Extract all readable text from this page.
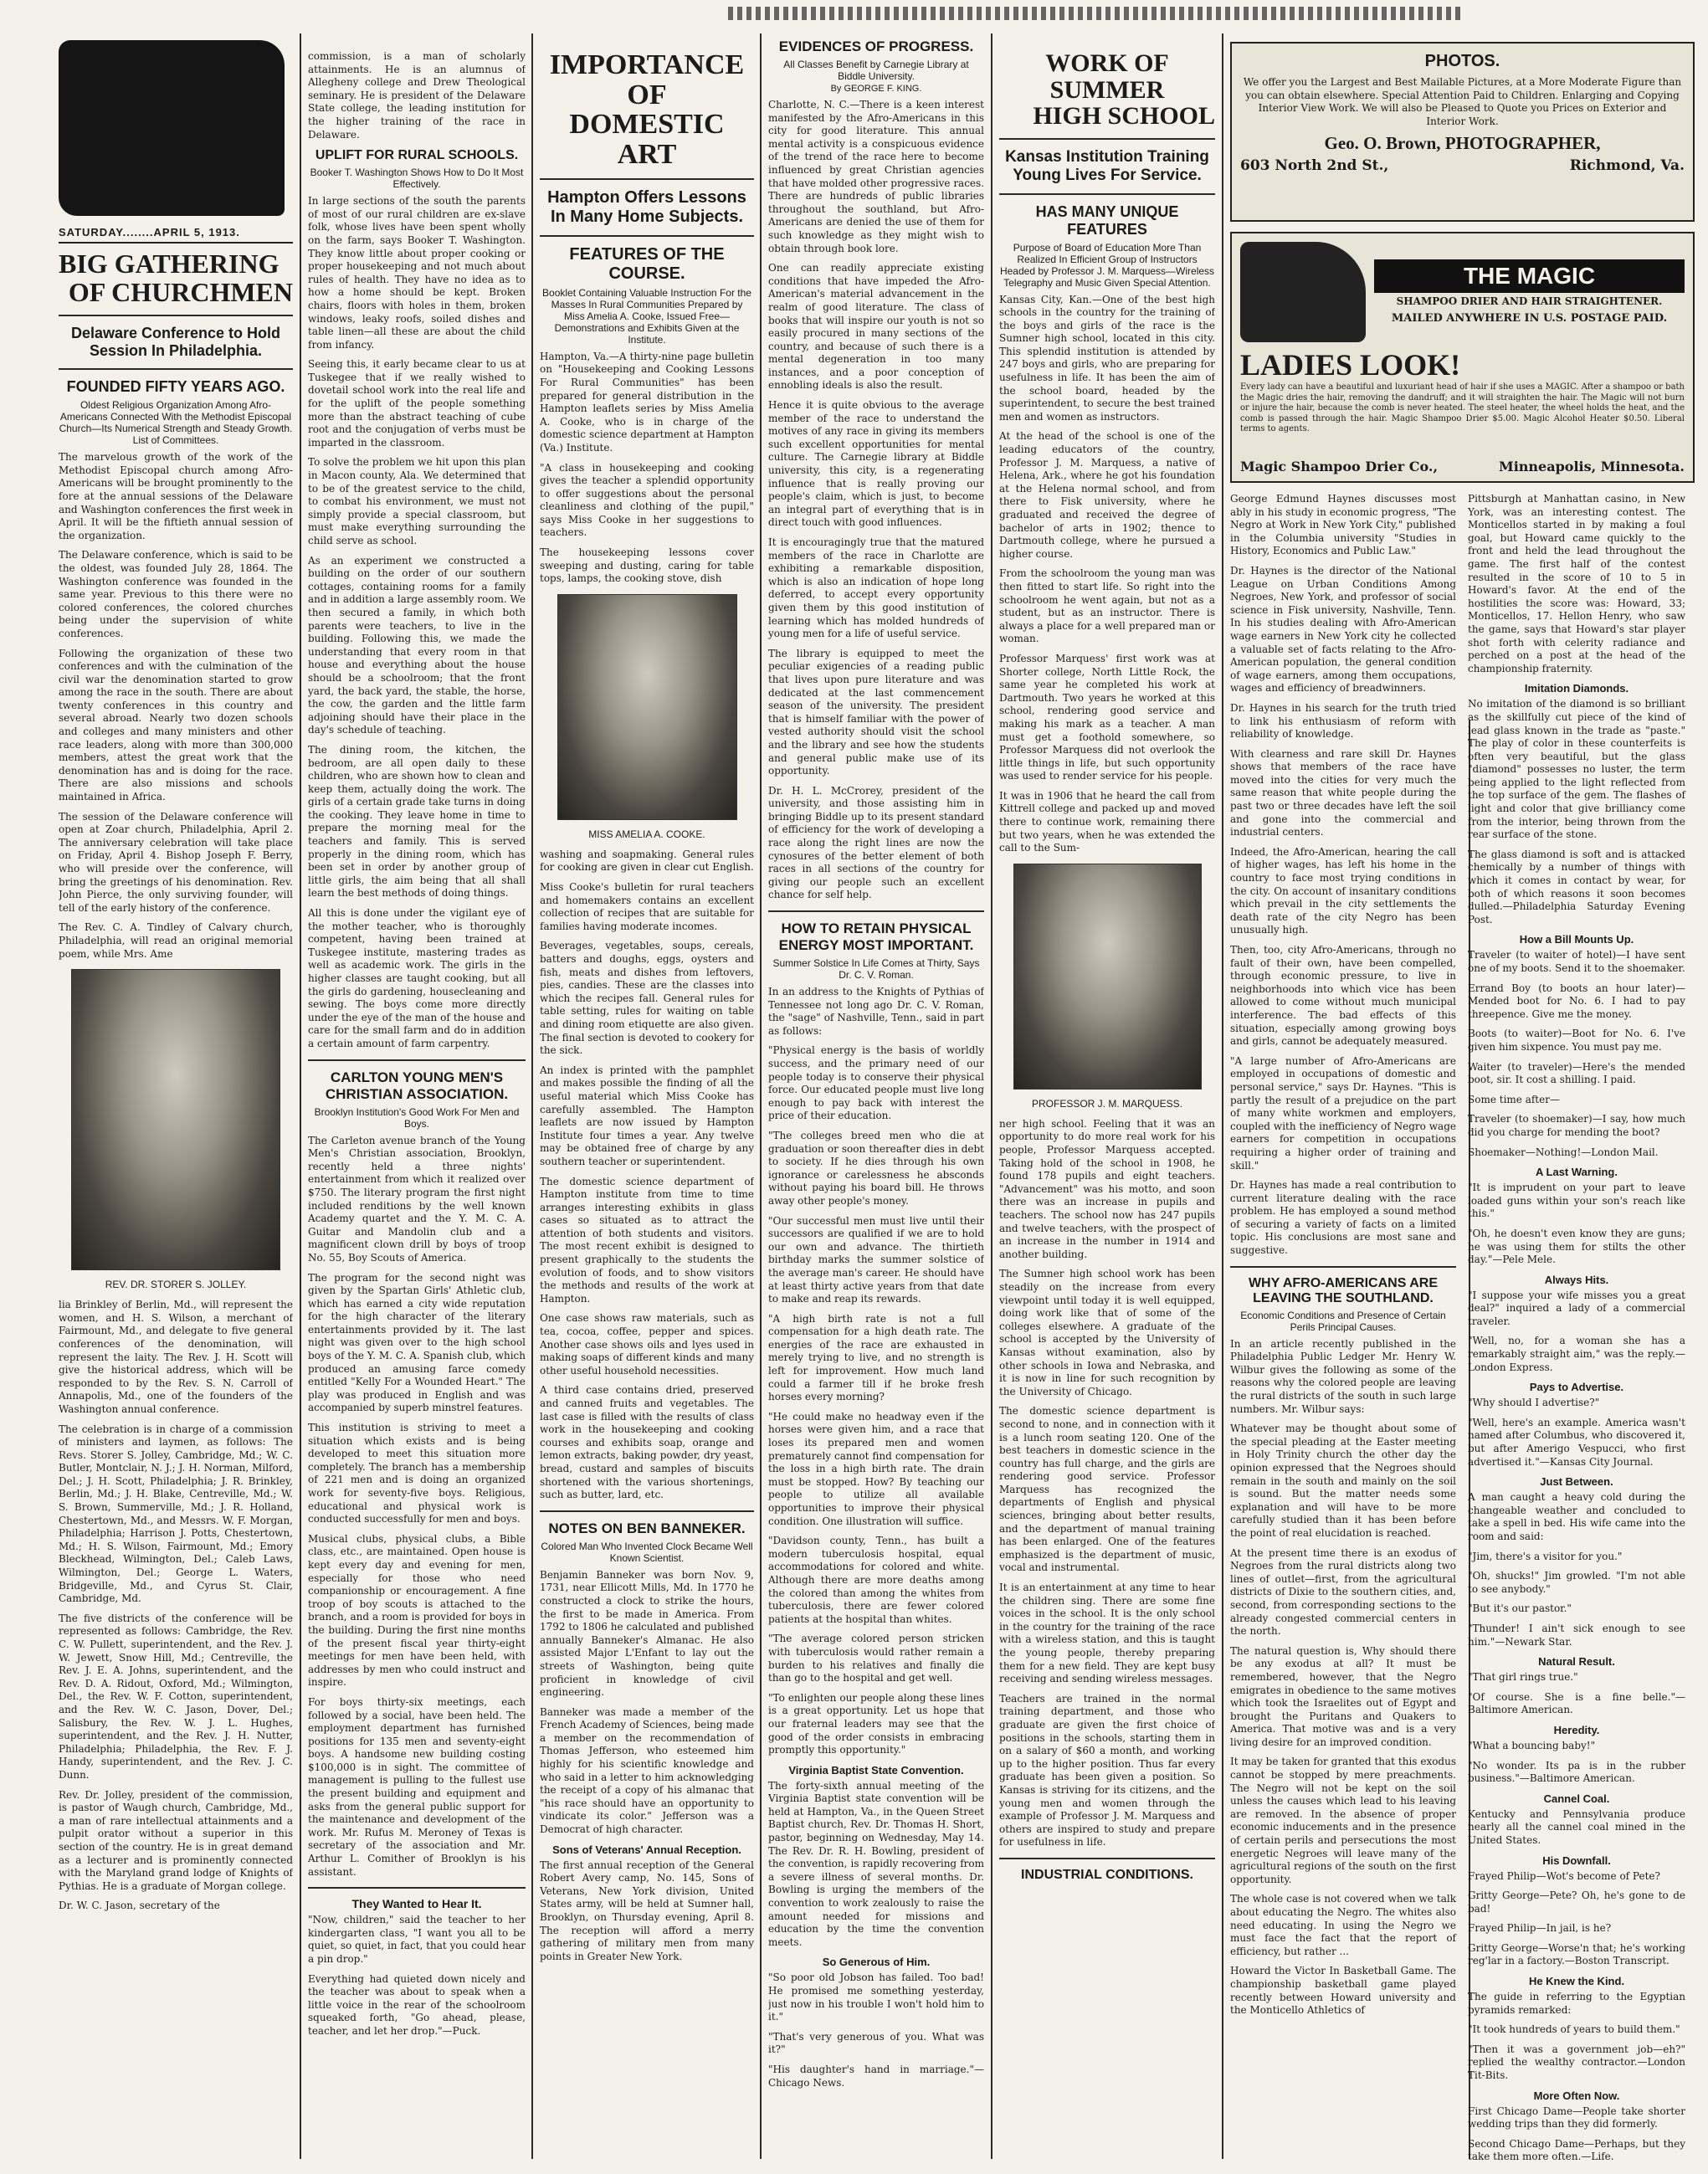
SATURDAY........APRIL 5, 1913.
BIG GATHERING
OF CHURCHMEN
Delaware Conference to Hold Session In Philadelphia.
FOUNDED FIFTY YEARS AGO.
Oldest Religious Organization Among Afro-Americans Connected With the Methodist Episcopal Church—Its Numerical Strength and Steady Growth. List of Committees.

The marvelous growth of the work of the Methodist Episcopal church among Afro-Americans will be brought prominently to the fore at the annual sessions of the Delaware and Washington conferences the first week in April. It will be the fiftieth annual session of the organization.

The Delaware conference, which is said to be the oldest, was founded July 28, 1864. The Washington conference was founded in the same year. Previous to this there were no colored conferences, the colored churches being under the supervision of white conferences.

Following the organization of these two conferences and with the culmination of the civil war the denomination started to grow among the race in the south. There are about twenty conferences in this country and several abroad. Nearly two dozen schools and colleges and many ministers and other race leaders, along with more than 300,000 members, attest the great work that the denomination has and is doing for the race. There are also missions and schools maintained in Africa.

The session of the Delaware conference will open at Zoar church, Philadelphia, April 2. The anniversary celebration will take place on Friday, April 4. Bishop Joseph F. Berry, who will preside over the conference, will bring the greetings of his denomination. Rev. John Pierce, the only surviving founder, will tell of the early history of the conference.

The Rev. C. A. Tindley of Calvary church, Philadelphia, will read an original memorial poem, while Mrs. Ame

REV. DR. STORER S. JOLLEY.

lia Brinkley of Berlin, Md., will represent the women, and H. S. Wilson, a merchant of Fairmount, Md., and delegate to five general conferences of the denomination, will represent the laity. The Rev. J. H. Scott will give the historical address, which will be responded to by the Rev. S. N. Carroll of Annapolis, Md., one of the founders of the Washington annual conference.

The celebration is in charge of a commission of ministers and laymen, as follows: The Revs. Storer S. Jolley, Cambridge, Md.; W. C. Butler, Montclair, N. J.; J. H. Norman, Milford, Del.; J. H. Scott, Philadelphia; J. R. Brinkley, Berlin, Md.; J. H. Blake, Centreville, Md.; W. S. Brown, Summerville, Md.; J. R. Holland, Chestertown, Md., and Messrs. W. F. Morgan, Philadelphia; Harrison J. Potts, Chestertown, Md.; H. S. Wilson, Fairmount, Md.; Emory Bleckhead, Wilmington, Del.; Caleb Laws, Wilmington, Del.; George L. Waters, Bridgeville, Md., and Cyrus St. Clair, Cambridge, Md.

The five districts of the conference will be represented as follows: Cambridge, the Rev. C. W. Pullett, superintendent, and the Rev. J. W. Jewett, Snow Hill, Md.; Centreville, the Rev. J. E. A. Johns, superintendent, and the Rev. D. A. Ridout, Oxford, Md.; Wilmington, Del., the Rev. W. F. Cotton, superintendent, and the Rev. W. C. Jason, Dover, Del.; Salisbury, the Rev. W. J. L. Hughes, superintendent, and the Rev. J. H. Nutter, Philadelphia; Philadelphia, the Rev. F. J. Handy, superintendent, and the Rev. J. C. Dunn.

Rev. Dr. Jolley, president of the commission, is pastor of Waugh church, Cambridge, Md., a man of rare intellectual attainments and a pulpit orator without a superior in this section of the country. He is in great demand as a lecturer and is prominently connected with the Maryland grand lodge of Knights of Pythias. He is a graduate of Morgan college.

Dr. W. C. Jason, secretary of the

commission, is a man of scholarly attainments. He is an alumnus of Allegheny college and Drew Theological seminary. He is president of the Delaware State college, the leading institution for the higher training of the race in Delaware.

UPLIFT FOR RURAL SCHOOLS.
Booker T. Washington Shows How to Do It Most Effectively.

In large sections of the south the parents of most of our rural children are ex-slave folk, whose lives have been spent wholly on the farm, says Booker T. Washington. They know little about proper cooking or proper housekeeping and not much about rules of health. They have no idea as to how a home should be kept. Broken chairs, floors with holes in them, broken windows, leaky roofs, soiled dishes and table linen—all these are about the child from infancy.

Seeing this, it early became clear to us at Tuskegee that if we really wished to dovetail school work into the real life and for the uplift of the people something more than the abstract teaching of cube root and the conjugation of verbs must be imparted in the classroom.

To solve the problem we hit upon this plan in Macon county, Ala. We determined that to be of the greatest service to the child, to combat his environment, we must not simply provide a special classroom, but must make everything surrounding the child serve as school.

As an experiment we constructed a building on the order of our southern cottages, containing rooms for a family and in addition a large assembly room. We then secured a family, in which both parents were teachers, to live in the building. Following this, we made the understanding that every room in that house and everything about the house should be a schoolroom; that the front yard, the back yard, the stable, the horse, the cow, the garden and the little farm adjoining should have their place in the day's schedule of teaching.

The dining room, the kitchen, the bedroom, are all open daily to these children, who are shown how to clean and keep them, actually doing the work. The girls of a certain grade take turns in doing the cooking. They leave home in time to prepare the morning meal for the teachers and family. This is served properly in the dining room, which has been set in order by another group of little girls, the aim being that all shall learn the best methods of doing things.

All this is done under the vigilant eye of the mother teacher, who is thoroughly competent, having been trained at Tuskegee institute, mastering trades as well as academic work. The girls in the higher classes are taught cooking, but all the girls do gardening, housecleaning and sewing. The boys come more directly under the eye of the man of the house and care for the small farm and do in addition a certain amount of farm carpentry.

CARLTON YOUNG MEN'S CHRISTIAN ASSOCIATION.
Brooklyn Institution's Good Work For Men and Boys.

The Carleton avenue branch of the Young Men's Christian association, Brooklyn, recently held a three nights' entertainment from which it realized over $750. The literary program the first night included renditions by the well known Academy quartet and the Y. M. C. A. Guitar and Mandolin club and a magnificent clown drill by boys of troop No. 55, Boy Scouts of America.

The program for the second night was given by the Spartan Girls' Athletic club, which has earned a city wide reputation for the high character of the literary entertainments provided by it. The last night was given over to the high school boys of the Y. M. C. A. Spanish club, which produced an amusing farce comedy entitled "Kelly For a Wounded Heart." The play was produced in English and was accompanied by superb minstrel features.

This institution is striving to meet a situation which exists and is being developed to meet this situation more completely. The branch has a membership of 221 men and is doing an organized work for seventy-five boys. Religious, educational and physical work is conducted successfully for men and boys.

Musical clubs, physical clubs, a Bible class, etc., are maintained. Open house is kept every day and evening for men, especially for those who need companionship or encouragement. A fine troop of boy scouts is attached to the branch, and a room is provided for boys in the building. During the first nine months of the present fiscal year thirty-eight meetings for men have been held, with addresses by men who could instruct and inspire.

For boys thirty-six meetings, each followed by a social, have been held. The employment department has furnished positions for 135 men and seventy-eight boys. A handsome new building costing $100,000 is in sight. The committee of management is pulling to the fullest use the present building and equipment and asks from the general public support for the maintenance and development of the work. Mr. Rufus M. Meroney of Texas is secretary of the association and Mr. Arthur L. Comither of Brooklyn is his assistant.

They Wanted to Hear It.

"Now, children," said the teacher to her kindergarten class, "I want you all to be quiet, so quiet, in fact, that you could hear a pin drop."

Everything had quieted down nicely and the teacher was about to speak when a little voice in the rear of the schoolroom squeaked forth, "Go ahead, please, teacher, and let her drop."—Puck.

IMPORTANCE OF
DOMESTIC ART
Hampton Offers Lessons In Many Home Subjects.
FEATURES OF THE COURSE.
Booklet Containing Valuable Instruction For the Masses In Rural Communities Prepared by Miss Amelia A. Cooke, Issued Free—Demonstrations and Exhibits Given at the Institute.

Hampton, Va.—A thirty-nine page bulletin on "Housekeeping and Cooking Lessons For Rural Communities" has been prepared for general distribution in the Hampton leaflets series by Miss Amelia A. Cooke, who is in charge of the domestic science department at Hampton (Va.) Institute.

"A class in housekeeping and cooking gives the teacher a splendid opportunity to offer suggestions about the personal cleanliness and clothing of the pupil," says Miss Cooke in her suggestions to teachers.

The housekeeping lessons cover sweeping and dusting, caring for table tops, lamps, the cooking stove, dish

MISS AMELIA A. COOKE.

washing and soapmaking. General rules for cooking are given in clear cut English.

Miss Cooke's bulletin for rural teachers and homemakers contains an excellent collection of recipes that are suitable for families having moderate incomes.

Beverages, vegetables, soups, cereals, batters and doughs, eggs, oysters and fish, meats and dishes from leftovers, pies, candies. These are the classes into which the recipes fall. General rules for table setting, rules for waiting on table and dining room etiquette are also given. The final section is devoted to cookery for the sick.

An index is printed with the pamphlet and makes possible the finding of all the useful material which Miss Cooke has carefully assembled. The Hampton leaflets are now issued by Hampton Institute four times a year. Any twelve may be obtained free of charge by any southern teacher or superintendent.

The domestic science department of Hampton institute from time to time arranges interesting exhibits in glass cases so situated as to attract the attention of both students and visitors. The most recent exhibit is designed to present graphically to the students the evolution of foods, and to show visitors the methods and results of the work at Hampton.

One case shows raw materials, such as tea, cocoa, coffee, pepper and spices. Another case shows oils and lyes used in making soaps of different kinds and many other useful household necessities.

A third case contains dried, preserved and canned fruits and vegetables. The last case is filled with the results of class work in the housekeeping and cooking courses and exhibits soap, orange and lemon extracts, baking powder, dry yeast, bread, custard and samples of biscuits shortened with the various shortenings, such as butter, lard, etc.

NOTES ON BEN BANNEKER.
Colored Man Who Invented Clock Became Well Known Scientist.

Benjamin Banneker was born Nov. 9, 1731, near Ellicott Mills, Md. In 1770 he constructed a clock to strike the hours, the first to be made in America. From 1792 to 1806 he calculated and published annually Banneker's Almanac. He also assisted Major L'Enfant to lay out the streets of Washington, being quite proficient in knowledge of civil engineering.

Banneker was made a member of the French Academy of Sciences, being made a member on the recommendation of Thomas Jefferson, who esteemed him highly for his scientific knowledge and who said in a letter to him acknowledging the receipt of a copy of his almanac that "his race should have an opportunity to vindicate its color." Jefferson was a Democrat of high character.

Sons of Veterans' Annual Reception.

The first annual reception of the General Robert Avery camp, No. 145, Sons of Veterans, New York division, United States army, will be held at Sumner hall, Brooklyn, on Thursday evening, April 8. The reception will afford a merry gathering of military men from many points in Greater New York.

EVIDENCES OF PROGRESS.
All Classes Benefit by Carnegie Library at Biddle University.
By GEORGE F. KING.

Charlotte, N. C.—There is a keen interest manifested by the Afro-Americans in this city for good literature. This annual mental activity is a conspicuous evidence of the trend of the race here to become influenced by great Christian agencies that have molded other progressive races. There are hundreds of public libraries throughout the southland, but Afro-Americans are denied the use of them for such knowledge as they might wish to obtain through book lore.

One can readily appreciate existing conditions that have impeded the Afro-American's material advancement in the realm of good literature. The class of books that will inspire our youth is not so easily procured in many sections of the country, and because of such there is a mental degeneration in too many instances, and a poor conception of ennobling ideals is also the result.

Hence it is quite obvious to the average member of the race to understand the motives of any race in giving its members such excellent opportunities for mental culture. The Carnegie library at Biddle university, this city, is a regenerating influence that is really proving our people's claim, which is just, to become an integral part of everything that is in direct touch with good influences.

It is encouragingly true that the matured members of the race in Charlotte are exhibiting a remarkable disposition, which is also an indication of hope long deferred, to accept every opportunity given them by this good institution of learning which has molded hundreds of young men for a life of useful service.

The library is equipped to meet the peculiar exigencies of a reading public that lives upon pure literature and was dedicated at the last commencement season of the university. The president that is himself familiar with the power of vested authority should visit the school and the library and see how the students and general public make use of its opportunity.

Dr. H. L. McCrorey, president of the university, and those assisting him in bringing Biddle up to its present standard of efficiency for the work of developing a race along the right lines are now the cynosures of the better element of both races in all sections of the country for giving our people such an excellent chance for self help.

HOW TO RETAIN PHYSICAL ENERGY MOST IMPORTANT.
Summer Solstice In Life Comes at Thirty, Says Dr. C. V. Roman.

In an address to the Knights of Pythias of Tennessee not long ago Dr. C. V. Roman, the "sage" of Nashville, Tenn., said in part as follows:

"Physical energy is the basis of worldly success, and the primary need of our people today is to conserve their physical force. Our educated people must live long enough to pay back with interest the price of their education.

"The colleges breed men who die at graduation or soon thereafter dies in debt to society. If he dies through his own ignorance or carelessness he absconds without paying his board bill. He throws away other people's money.

"Our successful men must live until their successors are qualified if we are to hold our own and advance. The thirtieth birthday marks the summer solstice of the average man's career. He should have at least thirty active years from that date to make and reap its rewards.

"A high birth rate is not a full compensation for a high death rate. The energies of the race are exhausted in merely trying to live, and no strength is left for improvement. How much land could a farmer till if he broke fresh horses every morning?

"He could make no headway even if the horses were given him, and a race that loses its prepared men and women prematurely cannot find compensation for the loss in a high birth rate. The drain must be stopped. How? By teaching our people to utilize all available opportunities to improve their physical condition. One illustration will suffice.

"Davidson county, Tenn., has built a modern tuberculosis hospital, equal accommodations for colored and white. Although there are more deaths among the colored than among the whites from tuberculosis, there are fewer colored patients at the hospital than whites.

"The average colored person stricken with tuberculosis would rather remain a burden to his relatives and finally die than go to the hospital and get well.

"To enlighten our people along these lines is a great opportunity. Let us hope that our fraternal leaders may see that the good of the order consists in embracing promptly this opportunity."

Virginia Baptist State Convention.

The forty-sixth annual meeting of the Virginia Baptist state convention will be held at Hampton, Va., in the Queen Street Baptist church, Rev. Dr. Thomas H. Short, pastor, beginning on Wednesday, May 14. The Rev. Dr. R. H. Bowling, president of the convention, is rapidly recovering from a severe illness of several months. Dr. Bowling is urging the members of the convention to work zealously to raise the amount needed for missions and education by the time the convention meets.

So Generous of Him.

"So poor old Jobson has failed. Too bad! He promised me something yesterday, just now in his trouble I won't hold him to it."

"That's very generous of you. What was it?"

"His daughter's hand in marriage."—Chicago News.

WORK OF SUMMER
HIGH SCHOOL
Kansas Institution Training Young Lives For Service.
HAS MANY UNIQUE FEATURES
Purpose of Board of Education More Than Realized In Efficient Group of Instructors Headed by Professor J. M. Marquess—Wireless Telegraphy and Music Given Special Attention.

Kansas City, Kan.—One of the best high schools in the country for the training of the boys and girls of the race is the Sumner high school, located in this city. This splendid institution is attended by 247 boys and girls, who are preparing for usefulness in life. It has been the aim of the school board, headed by the superintendent, to secure the best trained men and women as instructors.

At the head of the school is one of the leading educators of the country, Professor J. M. Marquess, a native of Helena, Ark., where he got his foundation at the Helena normal school, and from there to Fisk university, where he graduated and received the degree of bachelor of arts in 1902; thence to Dartmouth college, where he pursued a higher course.

From the schoolroom the young man was then fitted to start life. So right into the schoolroom he went again, but not as a student, but as an instructor. There is always a place for a well prepared man or woman.

Professor Marquess' first work was at Shorter college, North Little Rock, the same year he completed his work at Dartmouth. Two years he worked at this school, rendering good service and making his mark as a teacher. A man must get a foothold somewhere, so Professor Marquess did not overlook the little things in life, but such opportunity was used to render service for his people.

It was in 1906 that he heard the call from Kittrell college and packed up and moved there to continue work, remaining there but two years, when he was extended the call to the Sum-

PROFESSOR J. M. MARQUESS.

ner high school. Feeling that it was an opportunity to do more real work for his people, Professor Marquess accepted. Taking hold of the school in 1908, he found 178 pupils and eight teachers. "Advancement" was his motto, and soon there was an increase in pupils and teachers. The school now has 247 pupils and twelve teachers, with the prospect of an increase in the number in 1914 and another building.

The Sumner high school work has been steadily on the increase from every viewpoint until today it is well equipped, doing work like that of some of the colleges elsewhere. A graduate of the school is accepted by the University of Kansas without examination, also by other schools in Iowa and Nebraska, and it is now in line for such recognition by the University of Chicago.

The domestic science department is second to none, and in connection with it is a lunch room seating 120. One of the best teachers in domestic science in the country has full charge, and the girls are rendering good service. Professor Marquess has recognized the departments of English and physical sciences, bringing about better results, and the department of manual training has been enlarged. One of the features emphasized is the department of music, vocal and instrumental.

It is an entertainment at any time to hear the children sing. There are some fine voices in the school. It is the only school in the country for the training of the race with a wireless station, and this is taught the young people, thereby preparing them for a new field. They are kept busy receiving and sending wireless messages.

Teachers are trained in the normal training department, and those who graduate are given the first choice of positions in the schools, starting them in on a salary of $60 a month, and working up to the higher position. Thus far every graduate has been given a position. So Kansas is striving for its citizens, and the young men and women through the example of Professor J. M. Marquess and others are inspired to study and prepare for usefulness in life.

INDUSTRIAL CONDITIONS.
PHOTOS.
We offer you the Largest and Best Mailable Pictures, at a More Moderate Figure than you can obtain elsewhere. Special Attention Paid to Children. Enlarging and Copying Interior View Work. We will also be Pleased to Quote you Prices on Exterior and Interior Work.
Geo. O. Brown, PHOTOGRAPHER,
603 North 2nd St.,	Richmond, Va.
THE MAGIC
SHAMPOO DRIER AND HAIR STRAIGHTENER.
MAILED ANYWHERE IN U.S. POSTAGE PAID.
LADIES LOOK!
Every lady can have a beautiful and luxuriant head of hair if she uses a MAGIC. After a shampoo or bath the Magic dries the hair, removing the dandruff; and it will straighten the hair. The Magic will not burn or injure the hair, because the comb is never heated. The steel heater, the wheel holds the heat, and the comb is passed through the hair. Magic Shampoo Drier $5.00. Magic Alcohol Heater $0.50. Liberal terms to agents.
Magic Shampoo Drier Co.,	Minneapolis, Minnesota.

George Edmund Haynes discusses most ably in his study in economic progress, "The Negro at Work in New York City," published in the Columbia university "Studies in History, Economics and Public Law."

Dr. Haynes is the director of the National League on Urban Conditions Among Negroes, New York, and professor of social science in Fisk university, Nashville, Tenn. In his studies dealing with Afro-American wage earners in New York city he collected a valuable set of facts relating to the Afro-American population, the general condition of wage earners, among them occupations, wages and efficiency of breadwinners.

Dr. Haynes in his search for the truth tried to link his enthusiasm of reform with reliability of knowledge.

With clearness and rare skill Dr. Haynes shows that members of the race have moved into the cities for very much the same reason that white people during the past two or three decades have left the soil and gone into the commercial and industrial centers.

Indeed, the Afro-American, hearing the call of higher wages, has left his home in the country to face most trying conditions in the city. On account of insanitary conditions which prevail in the city settlements the death rate of the city Negro has been unusually high.

Then, too, city Afro-Americans, through no fault of their own, have been compelled, through economic pressure, to live in neighborhoods into which vice has been allowed to come without much municipal interference. The bad effects of this situation, especially among growing boys and girls, cannot be adequately measured.

"A large number of Afro-Americans are employed in occupations of domestic and personal service," says Dr. Haynes. "This is partly the result of a prejudice on the part of many white workmen and employers, coupled with the inefficiency of Negro wage earners for competition in occupations requiring a higher order of training and skill."

Dr. Haynes has made a real contribution to current literature dealing with the race problem. He has employed a sound method of securing a variety of facts on a limited topic. His conclusions are most sane and suggestive.

WHY AFRO-AMERICANS ARE LEAVING THE SOUTHLAND.
Economic Conditions and Presence of Certain Perils Principal Causes.

In an article recently published in the Philadelphia Public Ledger Mr. Henry W. Wilbur gives the following as some of the reasons why the colored people are leaving the rural districts of the south in such large numbers. Mr. Wilbur says:

Whatever may be thought about some of the special pleading at the Easter meeting in Holy Trinity church the other day the opinion expressed that the Negroes should remain in the south and mainly on the soil is sound. But the matter needs some explanation and will have to be more carefully studied than it has been before the point of real elucidation is reached.

At the present time there is an exodus of Negroes from the rural districts along two lines of outlet—first, from the agricultural districts of Dixie to the southern cities, and, second, from corresponding sections to the already congested commercial centers in the north.

The natural question is, Why should there be any exodus at all? It must be remembered, however, that the Negro emigrates in obedience to the same motives which took the Israelites out of Egypt and brought the Puritans and Quakers to America. That motive was and is a very living desire for an improved condition.

It may be taken for granted that this exodus cannot be stopped by mere preachments. The Negro will not be kept on the soil unless the causes which lead to his leaving are removed. In the absence of proper economic inducements and in the presence of certain perils and persecutions the most energetic Negroes will leave many of the agricultural regions of the south on the first opportunity.

The whole case is not covered when we talk about educating the Negro. The whites also need educating. In using the Negro we must face the fact that the report of efficiency, but rather ...

Howard the Victor In Basketball Game. The championship basketball game played recently between Howard university and the Monticello Athletics of

Pittsburgh at Manhattan casino, in New York, was an interesting contest. The Monticellos started in by making a foul goal, but Howard came quickly to the front and held the lead throughout the game. The first half of the contest resulted in the score of 10 to 5 in Howard's favor. At the end of the hostilities the score was: Howard, 33; Monticellos, 17. Hellon Henry, who saw the game, says that Howard's star player shot forth with celerity radiance and perched on a post at the head of the championship fraternity.

Imitation Diamonds.

No imitation of the diamond is so brilliant as the skillfully cut piece of the kind of lead glass known in the trade as "paste." The play of color in these counterfeits is often very beautiful, but the glass "diamond" possesses no luster, the term being applied to the light reflected from the top surface of the gem. The flashes of light and color that give brilliancy come from the interior, being thrown from the rear surface of the stone.

The glass diamond is soft and is attacked chemically by a number of things with which it comes in contact by wear, for both of which reasons it soon becomes dulled.—Philadelphia Saturday Evening Post.

How a Bill Mounts Up.

Traveler (to waiter of hotel)—I have sent one of my boots. Send it to the shoemaker.

Errand Boy (to boots an hour later)—Mended boot for No. 6. I had to pay threepence. Give me the money.

Boots (to waiter)—Boot for No. 6. I've given him sixpence. You must pay me.

Waiter (to traveler)—Here's the mended boot, sir. It cost a shilling. I paid.

Some time after—

Traveler (to shoemaker)—I say, how much did you charge for mending the boot?

Shoemaker—Nothing!—London Mail.

A Last Warning.

"It is imprudent on your part to leave loaded guns within your son's reach like this."

"Oh, he doesn't even know they are guns; he was using them for stilts the other day."—Pele Mele.

Always Hits.

"I suppose your wife misses you a great deal?" inquired a lady of a commercial traveler.

"Well, no, for a woman she has a remarkably straight aim," was the reply.—London Express.

Pays to Advertise.

"Why should I advertise?"

"Well, here's an example. America wasn't named after Columbus, who discovered it, but after Amerigo Vespucci, who first advertised it."—Kansas City Journal.

Just Between.

A man caught a heavy cold during the changeable weather and concluded to take a spell in bed. His wife came into the room and said:

"Jim, there's a visitor for you."

"Oh, shucks!" Jim growled. "I'm not able to see anybody."

"But it's our pastor."

"Thunder! I ain't sick enough to see him."—Newark Star.

Natural Result.

"That girl rings true."

"Of course. She is a fine belle."—Baltimore American.

Heredity.

"What a bouncing baby!"

"No wonder. Its pa is in the rubber business."—Baltimore American.

Cannel Coal.

Kentucky and Pennsylvania produce nearly all the cannel coal mined in the United States.

His Downfall.

Frayed Philip—Wot's become of Pete?

Gritty George—Pete? Oh, he's gone to de bad!

Frayed Philip—In jail, is he?

Gritty George—Worse'n that; he's working reg'lar in a factory.—Boston Transcript.

He Knew the Kind.

The guide in referring to the Egyptian pyramids remarked:

"It took hundreds of years to build them."

"Then it was a government job—eh?" replied the wealthy contractor.—London Tit-Bits.

More Often Now.

First Chicago Dame—People take shorter wedding trips than they did formerly.

Second Chicago Dame—Perhaps, but they take them more often.—Life.
